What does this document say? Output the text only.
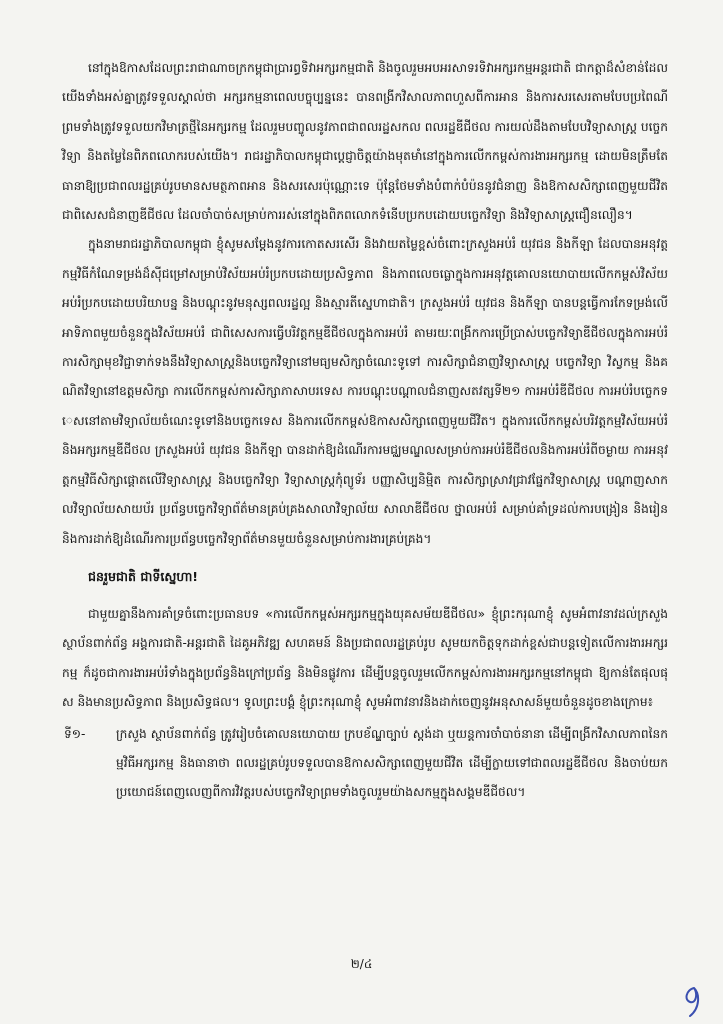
នៅក្នុងឱកាសដែលព្រះរាជាណាចក្រកម្ពុជាប្រារព្ធទិវាអក្សរកម្មជាតិ និងចូលរួមអបអរសាទរទិវាអក្សរកម្មអន្តរជាតិ ជាកត្តាដ៏សំខាន់ដែលយើងទាំងអស់គ្នាត្រូវទទួលស្គាល់ថា អក្សរកម្មនាពេលបច្ចុប្បន្ននេះ បានពង្រីកវិសាលភាពហួសពីការអាន និងការសរសេរតាមបែបប្រពៃណី ព្រមទាំងត្រូវទទួលយកវិមាត្រថ្មីនៃអក្សរកម្ម ដែលរួមបញ្ចូលនូវភាពជាពលរដ្ឋសកល ពលរដ្ឋឌីជីថល ការយល់ដឹងតាមបែបវិទ្យាសាស្ត្រ បច្ចេកវិទ្យា និងតម្លៃនៃពិភពលោករបស់យើង។ រាជរដ្ឋាភិបាលកម្ពុជាប្តេជ្ញាចិត្តយ៉ាងមុតមាំនៅក្នុងការលើកកម្ពស់ការងារអក្សរកម្ម ដោយមិនត្រឹមតែធានាឱ្យប្រជាពលរដ្ឋគ្រប់រូបមានសមត្ថភាពអាន និងសរសេរប៉ុណ្ណោះទេ ប៉ុន្តែថែមទាំងបំពាក់បំប៉ននូវជំនាញ និងឱកាសសិក្សាពេញមួយជីវិត ជាពិសេសជំនាញឌីជីថល ដែលចាំបាច់សម្រាប់ការរស់នៅក្នុងពិភពលោកទំនើបប្រកបដោយបច្ចេកវិទ្យា និងវិទ្យាសាស្ត្រជឿនលឿន។

ក្នុងនាមរាជរដ្ឋាភិបាលកម្ពុជា ខ្ញុំសូមសម្តែងនូវការកោតសរសើរ និងវាយតម្លៃខ្ពស់ចំពោះក្រសួងអប់រំ យុវជន និងកីឡា ដែលបានអនុវត្តកម្មវិធីកំណែទម្រង់ដ៏ស៊ីជម្រៅសម្រាប់វិស័យអប់រំប្រកបដោយប្រសិទ្ធភាព និងភាពលេចធ្លោក្នុងការអនុវត្តគោលនយោបាយលើកកម្ពស់វិស័យអប់រំប្រកបដោយបរិយាបន្ន និងបណ្តុះនូវមនុស្សពលរដ្ឋល្អ និងស្មារតីស្នេហាជាតិ។ ក្រសួងអប់រំ យុវជន និងកីឡា បានបន្តធ្វើការកែទម្រង់លើអាទិភាពមួយចំនួនក្នុងវិស័យអប់រំ ជាពិសេសការធ្វើបរិវត្តកម្មឌីជីថលក្នុងការអប់រំ តាមរយៈពង្រីកការប្រើប្រាស់បច្ចេកវិទ្យាឌីជីថលក្នុងការអប់រំ ការសិក្សាមុខវិជ្ជាទាក់ទងនឹងវិទ្យាសាស្ត្រនិងបច្ចេកវិទ្យានៅមធ្យមសិក្សាចំណេះទូទៅ ការសិក្សាជំនាញវិទ្យាសាស្ត្រ បច្ចេកវិទ្យា វិស្វកម្ម និងគណិតវិទ្យានៅឧត្តមសិក្សា ការលើកកម្ពស់ការសិក្សាភាសាបរទេស ការបណ្តុះបណ្តាលជំនាញសតវត្សទី២១ ការអប់រំឌីជីថល ការអប់រំបច្ចេកទេសនៅតាមវិទ្យាល័យចំណេះទូទៅនិងបច្ចេកទេស និងការលើកកម្ពស់ឱកាសសិក្សាពេញមួយជីវិត។ ក្នុងការលើកកម្ពស់បរិវត្តកម្មវិស័យអប់រំនិងអក្សរកម្មឌីជីថល ក្រសួងអប់រំ យុវជន និងកីឡា បានដាក់ឱ្យដំណើរការមជ្ឈមណ្ឌលសម្រាប់ការអប់រំឌីជីថលនិងការអប់រំពីចម្ងាយ ការអនុវត្តកម្មវិធីសិក្សាផ្តោតលើវិទ្យាសាស្ត្រ និងបច្ចេកវិទ្យា វិទ្យាសាស្ត្រកុំព្យូទ័រ បញ្ញាសិប្បនិម្មិត ការសិក្សាស្រាវជ្រាវផ្នែកវិទ្យាសាស្ត្រ បណ្តាញសាកលវិទ្យាល័យសាយប័រ ប្រព័ន្ធបច្ចេកវិទ្យាព័ត៌មានគ្រប់គ្រងសាលាវិទ្យាល័យ សាលាឌីជីថល ថ្នាលអប់រំ សម្រាប់គាំទ្រដល់ការបង្រៀន និងរៀន និងការដាក់ឱ្យដំណើរការប្រព័ន្ធបច្ចេកវិទ្យាព័ត៌មានមួយចំនួនសម្រាប់ការងារគ្រប់គ្រង។

ជនរួមជាតិ ជាទីស្នេហា!

ជាមួយគ្នានឹងការគាំទ្រចំពោះប្រធានបទ «ការលើកកម្ពស់អក្សរកម្មក្នុងយុគសម័យឌីជីថល» ខ្ញុំព្រះករុណាខ្ញុំ សូមអំពាវនាវដល់ក្រសួង ស្ថាប័នពាក់ព័ន្ធ អង្គការជាតិ-អន្តរជាតិ ដៃគូអភិវឌ្ឍ សហគមន៍ និងប្រជាពលរដ្ឋគ្រប់រូប សូមយកចិត្តទុកដាក់ខ្ពស់ជាបន្តទៀតលើការងារអក្សរកម្ម ក៏ដូចជាការងារអប់រំទាំងក្នុងប្រព័ន្ធនិងក្រៅប្រព័ន្ធ និងមិនផ្លូវការ ដើម្បីបន្តចូលរួមលើកកម្ពស់ការងារអក្សរកម្មនៅកម្ពុជា ឱ្យកាន់តែផុលផុស និងមានប្រសិទ្ធភាព និងប្រសិទ្ធផល។ ទូលព្រះបង្គំ ខ្ញុំព្រះករុណាខ្ញុំ សូមអំពាវនាវនិងដាក់ចេញនូវអនុសាសន៍មួយចំនួនដូចខាងក្រោម៖

ទី១-	ក្រសួង ស្ថាប័នពាក់ព័ន្ធ ត្រូវរៀបចំគោលនយោបាយ ក្របខ័ណ្ឌច្បាប់ ស្តង់ដា ឬយន្តការចាំបាច់នានា ដើម្បីពង្រីកវិសាលភាពនៃកម្មវិធីអក្សរកម្ម និងធានាថា ពលរដ្ឋគ្រប់រូបទទួលបានឱកាសសិក្សាពេញមួយជីវិត ដើម្បីក្លាយទៅជាពលរដ្ឋឌីជីថល និងចាប់យកប្រយោជន៍ពេញលេញពីការវិវត្តរបស់បច្ចេកវិទ្យាព្រមទាំងចូលរួមយ៉ាងសកម្មក្នុងសង្គមឌីជីថល។
២/៤
